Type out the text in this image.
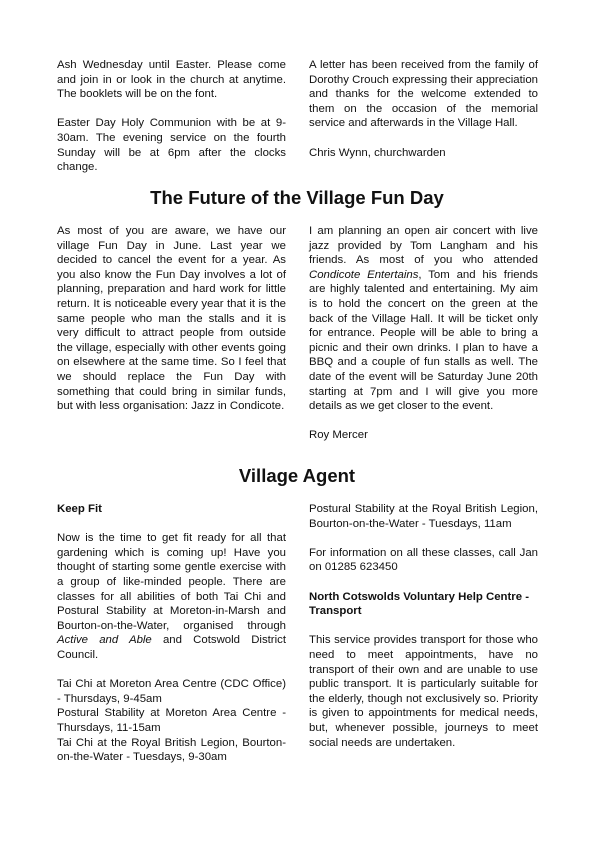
Ash Wednesday until Easter. Please come and join in or look in the church at anytime. The booklets will be on the font.

Easter Day Holy Communion with be at 9-30am. The evening service on the fourth Sunday will be at 6pm after the clocks change.

A letter has been received from the family of Dorothy Crouch expressing their appreciation and thanks for the welcome extended to them on the occasion of the memorial service and afterwards in the Village Hall.

Chris Wynn, churchwarden

The Future of the Village Fun Day

As most of you are aware, we have our village Fun Day in June. Last year we decided to cancel the event for a year. As you also know the Fun Day involves a lot of planning, preparation and hard work for little return. It is noticeable every year that it is the same people who man the stalls and it is very difficult to attract people from outside the village, especially with other events going on elsewhere at the same time. So I feel that we should replace the Fun Day with something that could bring in similar funds, but with less organisation: Jazz in Condicote.

I am planning an open air concert with live jazz provided by Tom Langham and his friends. As most of you who attended Condicote Entertains, Tom and his friends are highly talented and entertaining. My aim is to hold the concert on the green at the back of the Village Hall. It will be ticket only for entrance. People will be able to bring a picnic and their own drinks. I plan to have a BBQ and a couple of fun stalls as well. The date of the event will be Saturday June 20th starting at 7pm and I will give you more details as we get closer to the event.

Roy Mercer

Village Agent

Keep Fit

Now is the time to get fit ready for all that gardening which is coming up! Have you thought of starting some gentle exercise with a group of like-minded people. There are classes for all abilities of both Tai Chi and Postural Stability at Moreton-in-Marsh and Bourton-on-the-Water, organised through Active and Able and Cotswold District Council.

Tai Chi at Moreton Area Centre (CDC Office) - Thursdays, 9-45am

Postural Stability at Moreton Area Centre - Thursdays, 11-15am

Tai Chi at the Royal British Legion, Bourton-on-the-Water - Tuesdays, 9-30am

Postural Stability at the Royal British Legion, Bourton-on-the-Water - Tuesdays, 11am

For information on all these classes, call Jan on 01285 623450

North Cotswolds Voluntary Help Centre - Transport

This service provides transport for those who need to meet appointments, have no transport of their own and are unable to use public transport. It is particularly suitable for the elderly, though not exclusively so. Priority is given to appointments for medical needs, but, whenever possible, journeys to meet social needs are undertaken.
